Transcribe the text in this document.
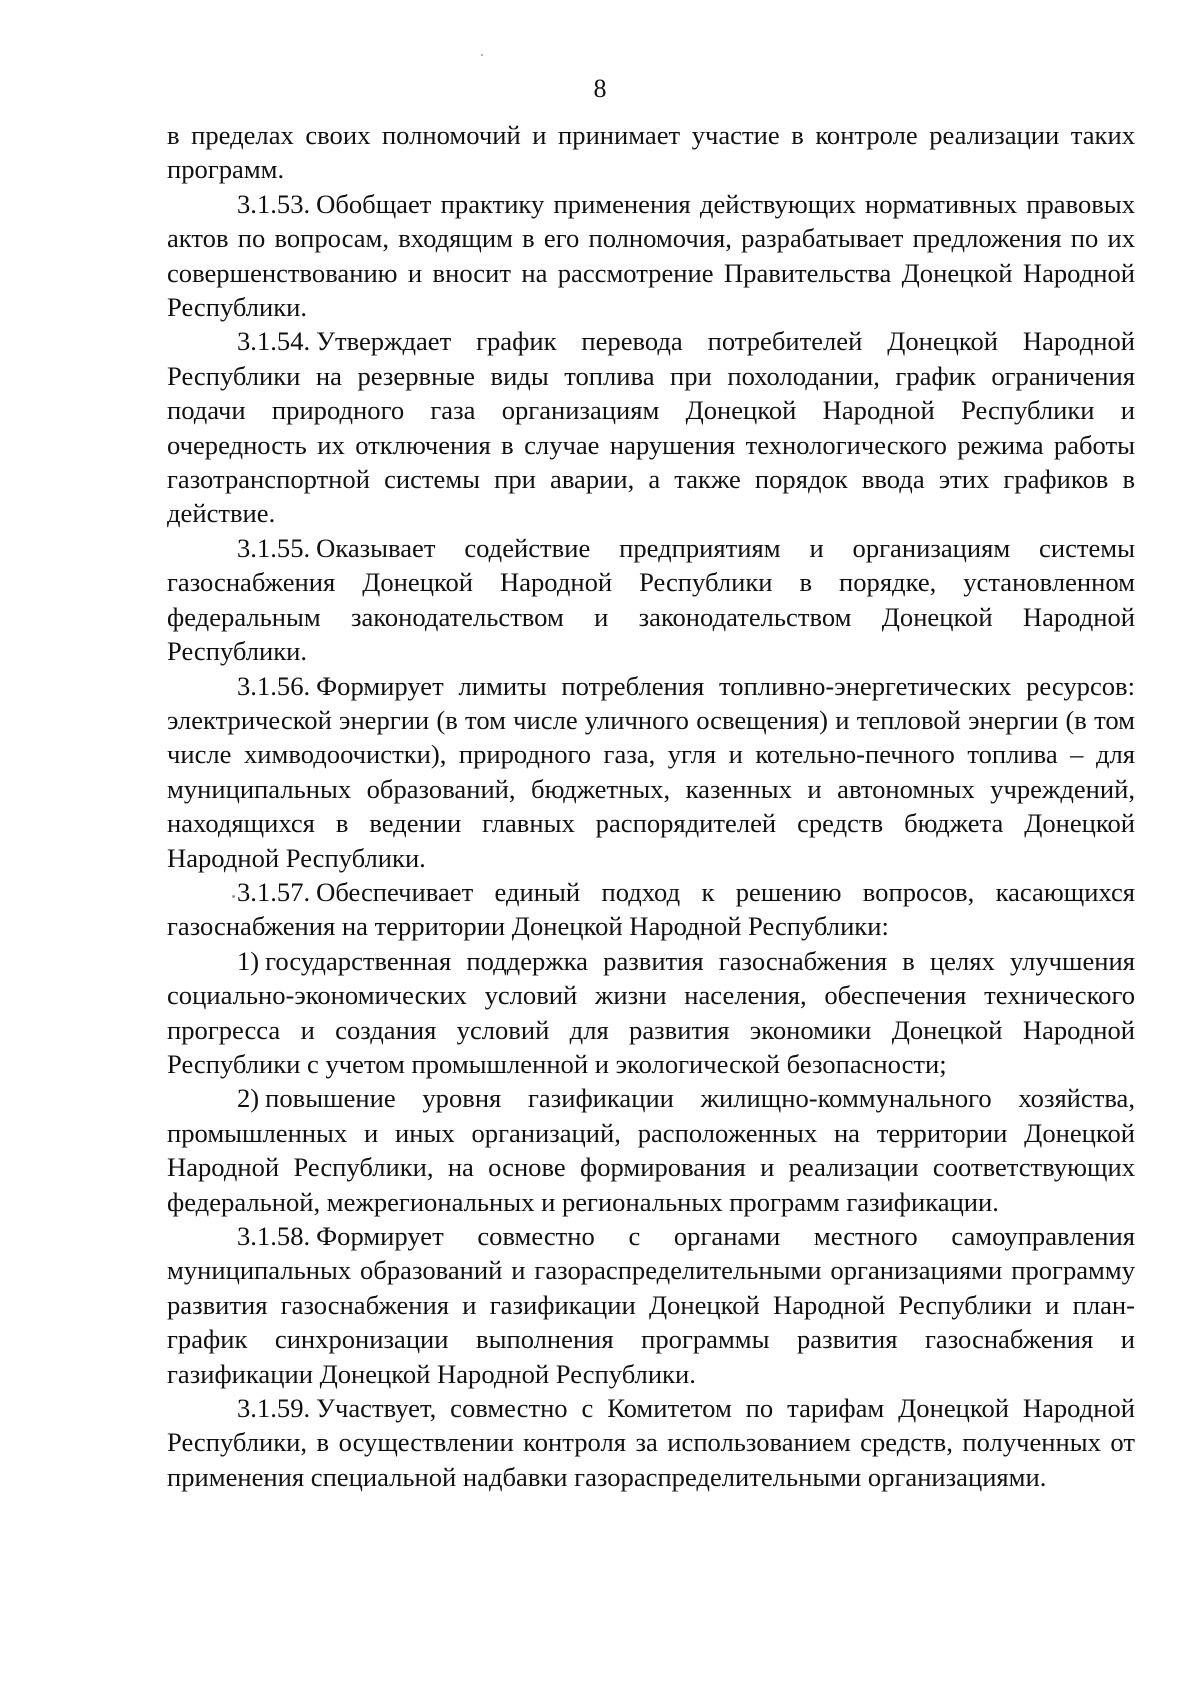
8

в пределах своих полномочий и принимает участие в контроле реализации таких программ.

3.1.53. Обобщает практику применения действующих нормативных правовых актов по вопросам, входящим в его полномочия, разрабатывает предложения по их совершенствованию и вносит на рассмотрение Правительства Донецкой Народной Республики.

3.1.54. Утверждает график перевода потребителей Донецкой Народной Республики на резервные виды топлива при похолодании, график ограничения подачи природного газа организациям Донецкой Народной Республики и очередность их отключения в случае нарушения технологического режима работы газотранспортной системы при аварии, а также порядок ввода этих графиков в действие.

3.1.55. Оказывает содействие предприятиям и организациям системы газоснабжения Донецкой Народной Республики в порядке, установленном федеральным законодательством и законодательством Донецкой Народной Республики.

3.1.56. Формирует лимиты потребления топливно-энергетических ресурсов: электрической энергии (в том числе уличного освещения) и тепловой энергии (в том числе химводоочистки), природного газа, угля и котельно-печного топлива – для муниципальных образований, бюджетных, казенных и автономных учреждений, находящихся в ведении главных распорядителей средств бюджета Донецкой Народной Республики.

3.1.57. Обеспечивает единый подход к решению вопросов, касающихся газоснабжения на территории Донецкой Народной Республики:

1) государственная поддержка развития газоснабжения в целях улучшения социально-экономических условий жизни населения, обеспечения технического прогресса и создания условий для развития экономики Донецкой Народной Республики с учетом промышленной и экологической безопасности;

2) повышение уровня газификации жилищно-коммунального хозяйства, промышленных и иных организаций, расположенных на территории Донецкой Народной Республики, на основе формирования и реализации соответствующих федеральной, межрегиональных и региональных программ газификации.

3.1.58. Формирует совместно с органами местного самоуправления муниципальных образований и газораспределительными организациями программу развития газоснабжения и газификации Донецкой Народной Республики и план-график синхронизации выполнения программы развития газоснабжения и газификации Донецкой Народной Республики.

3.1.59. Участвует, совместно с Комитетом по тарифам Донецкой Народной Республики, в осуществлении контроля за использованием средств, полученных от применения специальной надбавки газораспределительными организациями.
